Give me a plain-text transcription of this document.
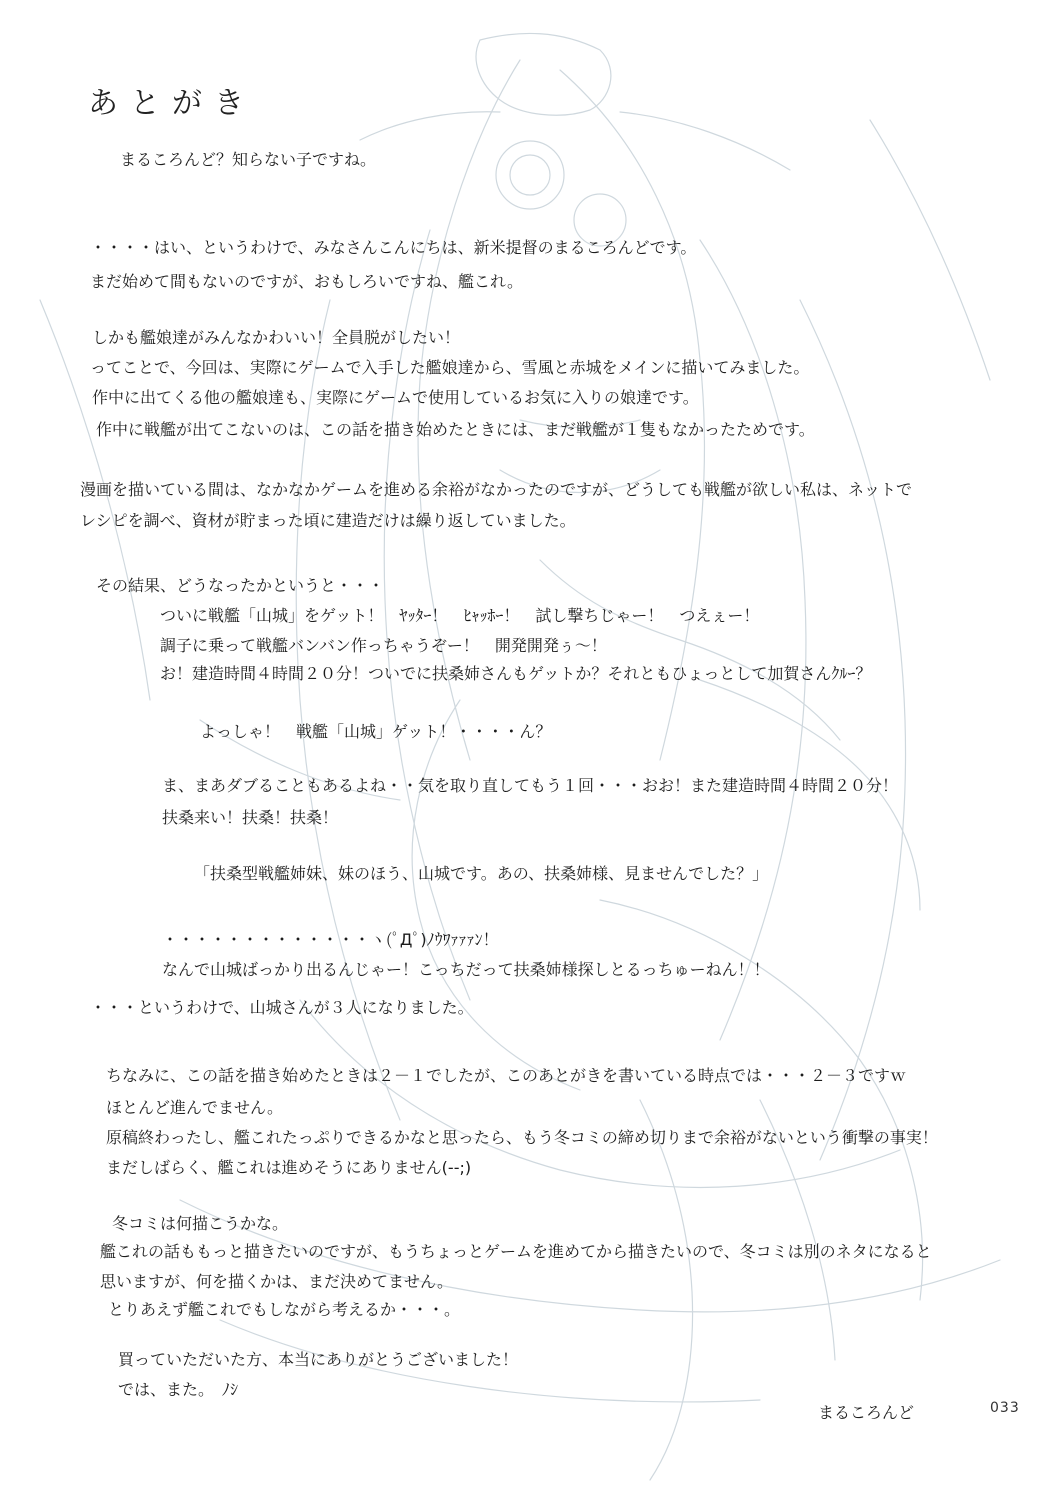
あとがき
まるころんど？知らない子ですね。
・・・・はい、というわけで、みなさんこんにちは、新米提督のまるころんどです。
まだ始めて間もないのですが、おもしろいですね、艦これ。
しかも艦娘達がみんなかわいい！全員脱がしたい！
ってことで、今回は、実際にゲームで入手した艦娘達から、雪風と赤城をメインに描いてみました。
作中に出てくる他の艦娘達も、実際にゲームで使用しているお気に入りの娘達です。
作中に戦艦が出てこないのは、この話を描き始めたときには、まだ戦艦が１隻もなかったためです。
漫画を描いている間は、なかなかゲームを進める余裕がなかったのですが、どうしても戦艦が欲しい私は、ネットで
レシピを調べ、資材が貯まった頃に建造だけは繰り返していました。
その結果、どうなったかというと・・・
ついに戦艦「山城」をゲット！　ﾔｯﾀｰ！　ﾋｬｯﾎｰ！　試し撃ちじゃー！　つえぇー！
調子に乗って戦艦バンバン作っちゃうぞー！　開発開発ぅ～！
お！建造時間４時間２０分！ついでに扶桑姉さんもゲットか？それともひょっとして加賀さんｸﾙｰ？
よっしゃ！　戦艦「山城」ゲット！・・・・ん？
ま、まあダブることもあるよね・・気を取り直してもう１回・・・おお！また建造時間４時間２０分！
扶桑来い！扶桑！扶桑！
「扶桑型戦艦姉妹、妹のほう、山城です。あの、扶桑姉様、見ませんでした？」
・・・・・・・・・・・・・ヽ(ﾟДﾟ)ﾉｳﾜｧｧｧﾝ！
なんで山城ばっかり出るんじゃー！こっちだって扶桑姉様探しとるっちゅーねん！！
・・・というわけで、山城さんが３人になりました。
ちなみに、この話を描き始めたときは２－１でしたが、このあとがきを書いている時点では・・・２－３ですｗ
ほとんど進んでません。
原稿終わったし、艦これたっぷりできるかなと思ったら、もう冬コミの締め切りまで余裕がないという衝撃の事実！
まだしばらく、艦これは進めそうにありません(--;)
冬コミは何描こうかな。
艦これの話ももっと描きたいのですが、もうちょっとゲームを進めてから描きたいので、冬コミは別のネタになると
思いますが、何を描くかは、まだ決めてません。
とりあえず艦これでもしながら考えるか・・・。
買っていただいた方、本当にありがとうございました！
では、また。　ﾉｼ
まるころんど	033
